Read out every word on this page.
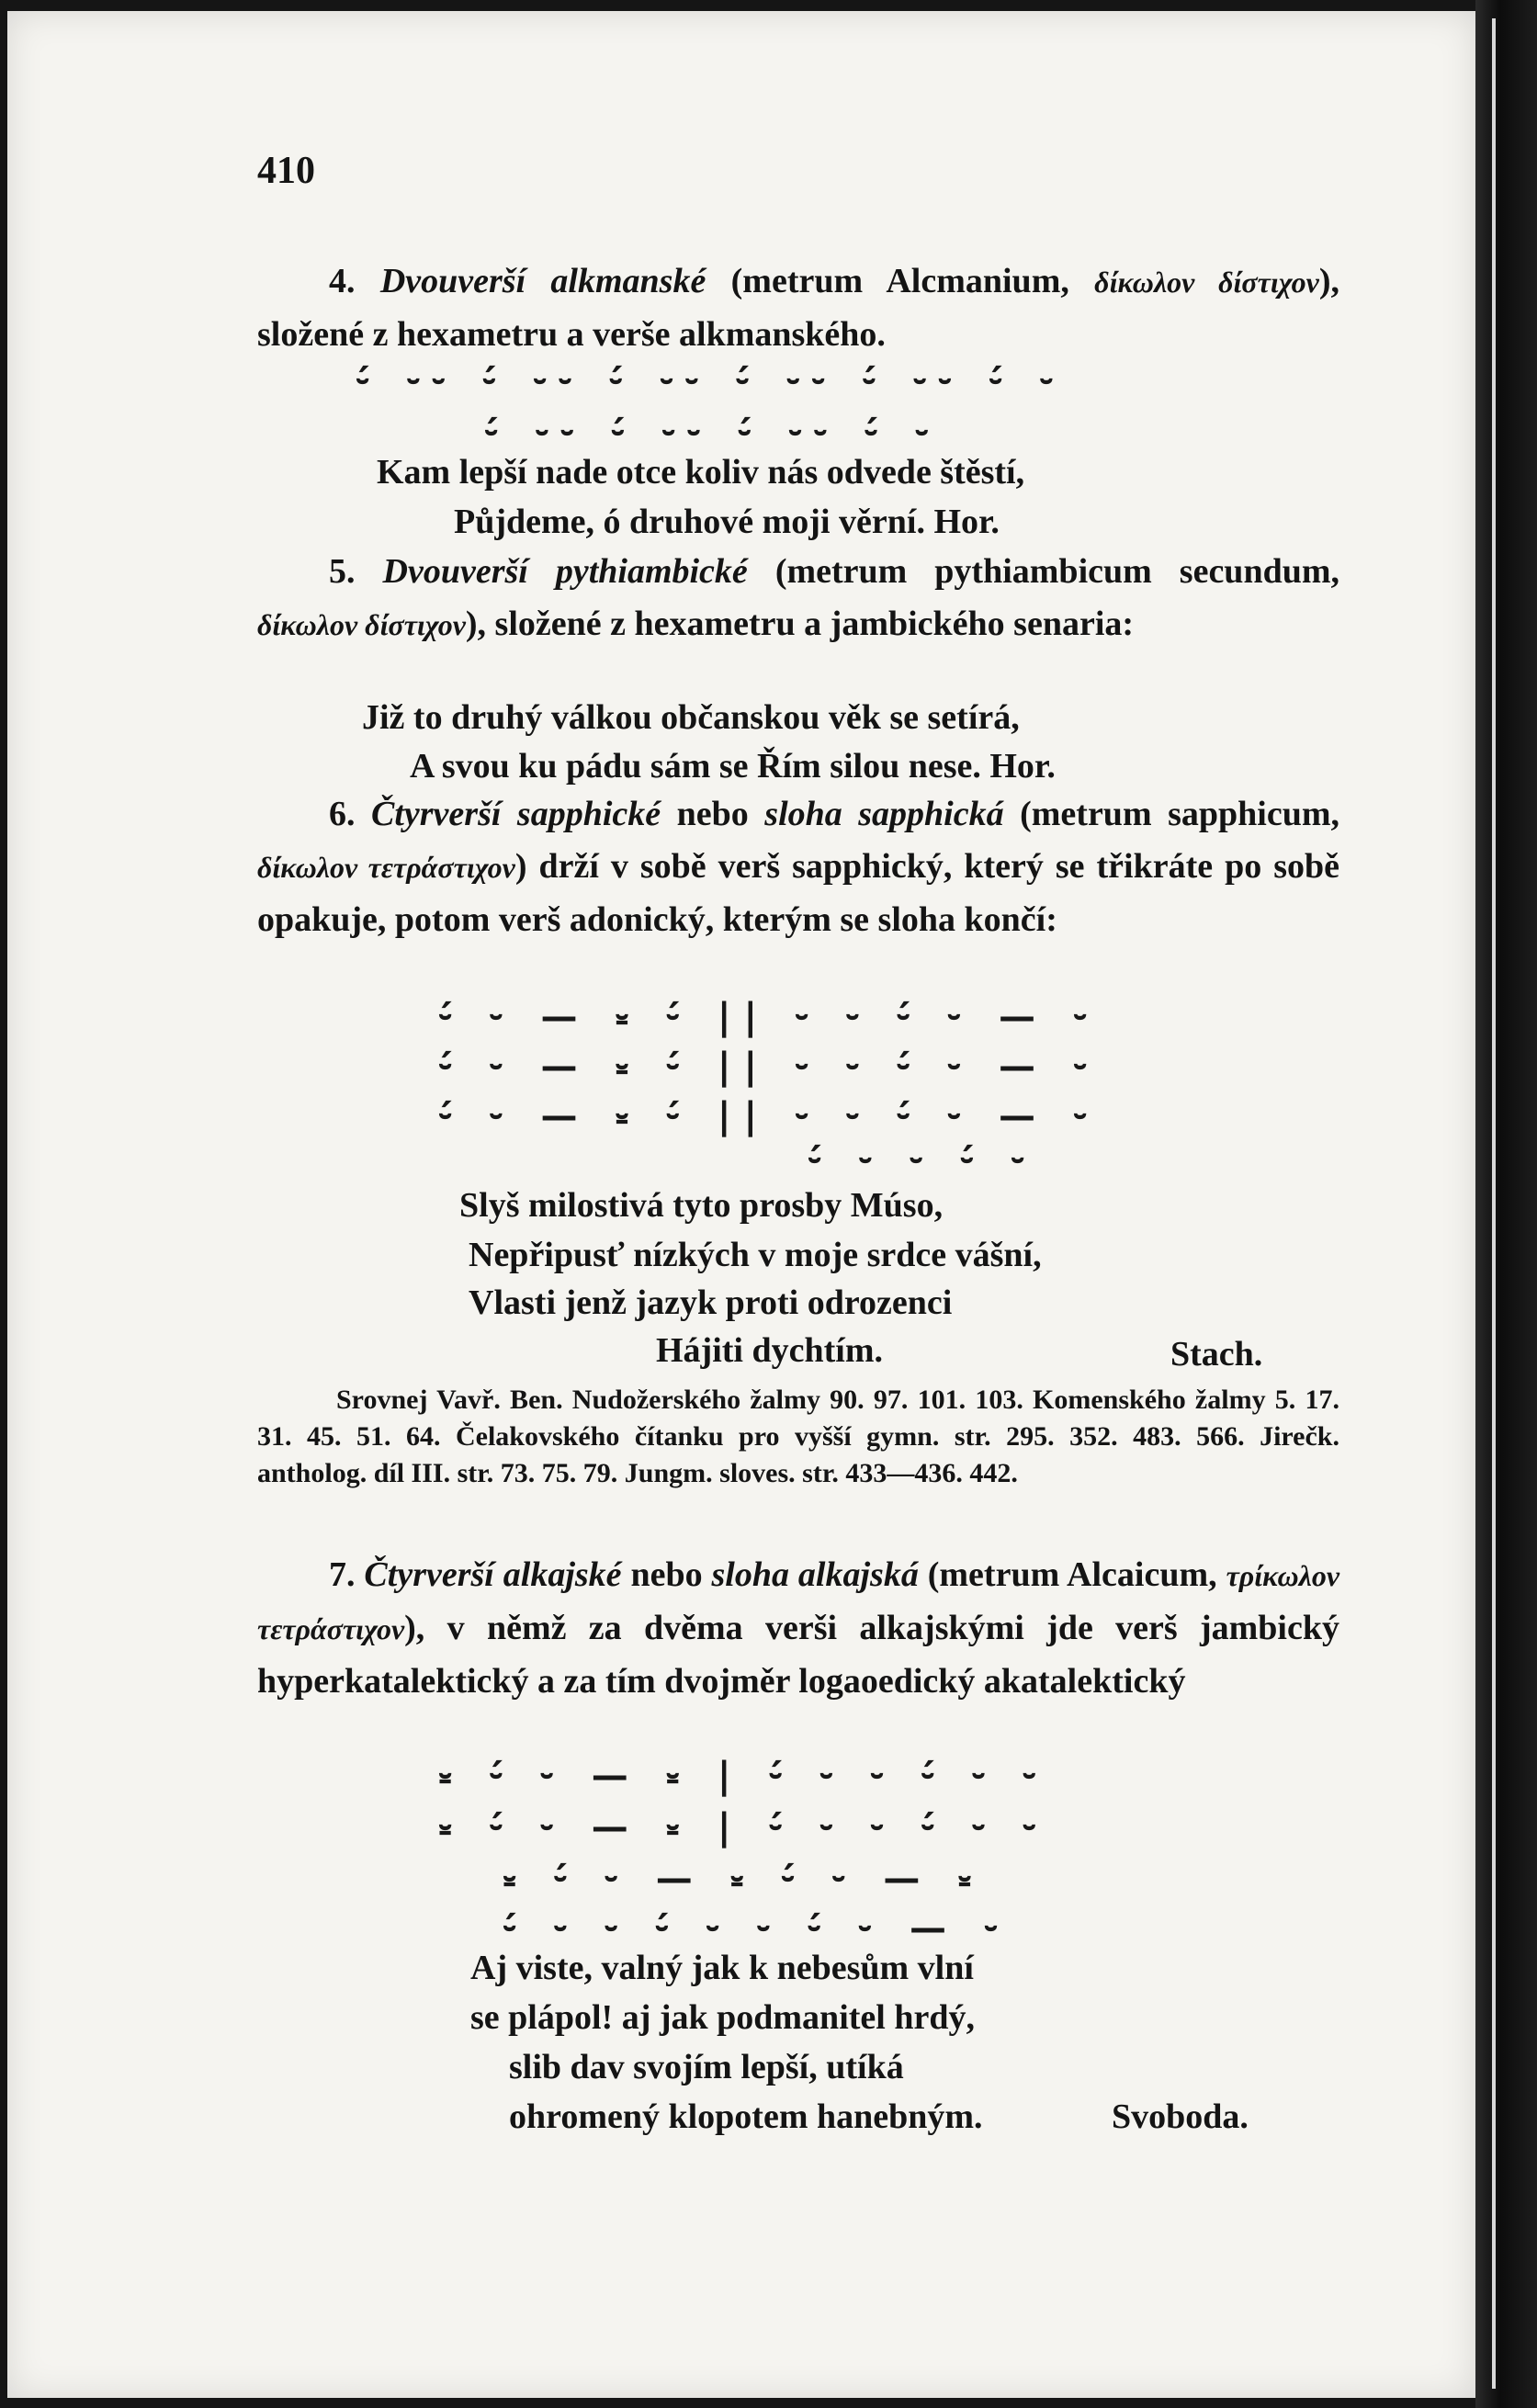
410
4. Dvouverší alkmanské (metrum Alcmanium, δίκωλον δίστιχον), složené z hexametru a verše alkmanského.
⏑́ ⏑⏑ ⏑́ ⏑⏑ ⏑́ ⏑⏑ ⏑́ ⏑⏑ ⏑́ ⏑⏑ ⏑́ ⏑
⏑́ ⏑⏑ ⏑́ ⏑⏑ ⏑́ ⏑⏑ ⏑́ ⏑
Kam lepší nade otce koliv nás odvede štěstí,
Půjdeme, ó druhové moji věrní. Hor.
5. Dvouverší pythiambické (metrum pythiambicum secundum, δίκωλον δίστιχον), složené z hexametru a jambického senaria:
Již to druhý válkou občanskou věk se setírá,
A svou ku pádu sám se Řím silou nese. Hor.
6. Čtyrverší sapphické nebo sloha sapphická (metrum sapphicum, δίκωλον τετράστιχον) drží v sobě verš sapphický, který se třikráte po sobě opakuje, potom verš adonický, kterým se sloha končí:
⏑́ ⏑ — ⏓ ⏑́ || ⏑ ⏑ ⏑́ ⏑ — ⏑
⏑́ ⏑ — ⏓ ⏑́ || ⏑ ⏑ ⏑́ ⏑ — ⏑
⏑́ ⏑ — ⏓ ⏑́ || ⏑ ⏑ ⏑́ ⏑ — ⏑
⏑́ ⏑ ⏑ ⏑́ ⏑
Slyš milostivá tyto prosby Múso,
Nepřipusť nízkých v moje srdce vášní,
Vlasti jenž jazyk proti odrozenci
Hájiti dychtím.	Stach.
Srovnej Vavř. Ben. Nudožerského žalmy 90. 97. 101. 103. Komenského žalmy 5. 17. 31. 45. 51. 64. Čelakovského čítanku pro vyšší gymn. str. 295. 352. 483. 566. Jirečk. antholog. díl III. str. 73. 75. 79. Jungm. sloves. str. 433—436. 442.
7. Čtyrverší alkajské nebo sloha alkajská (metrum Alcaicum, τρίκωλον τετράστιχον), v němž za dvěma verši alkajskými jde verš jambický hyperkatalektický a za tím dvojměr logaoedický akatalektický
⏓ ⏑́ ⏑ — ⏓ | ⏑́ ⏑ ⏑ ⏑́ ⏑ ⏑
⏓ ⏑́ ⏑ — ⏓ | ⏑́ ⏑ ⏑ ⏑́ ⏑ ⏑
⏓ ⏑́ ⏑ — ⏓ ⏑́ ⏑ — ⏓
⏑́ ⏑ ⏑ ⏑́ ⏑ ⏑ ⏑́ ⏑ — ⏑
Aj viste, valný jak k nebesům vlní
se plápol! aj jak podmanitel hrdý,
slib dav svojím lepší, utíká
ohromený klopotem hanebným.	Svoboda.
